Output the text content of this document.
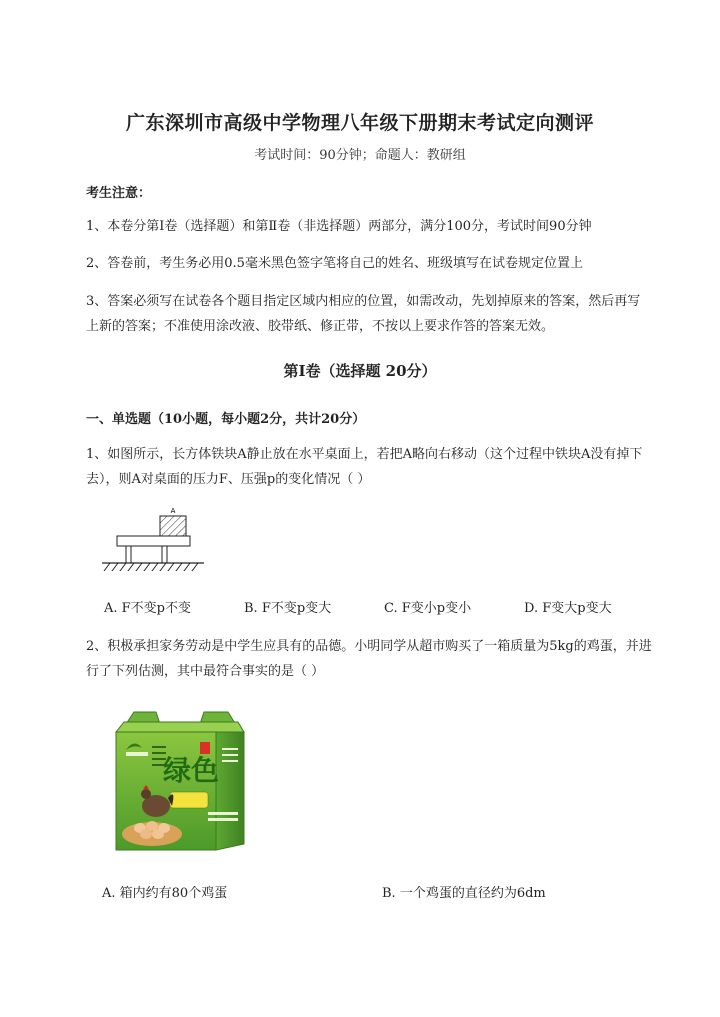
广东深圳市高级中学物理八年级下册期末考试定向测评
考试时间：90分钟；命题人：教研组
考生注意：
1、本卷分第I卷（选择题）和第Ⅱ卷（非选择题）两部分，满分100分，考试时间90分钟
2、答卷前，考生务必用0.5毫米黑色签字笔将自己的姓名、班级填写在试卷规定位置上
3、答案必须写在试卷各个题目指定区域内相应的位置，如需改动，先划掉原来的答案，然后再写上新的答案；不准使用涂改液、胶带纸、修正带，不按以上要求作答的答案无效。
第I卷（选择题 20分）
一、单选题（10小题，每小题2分，共计20分）
1、如图所示，长方体铁块A静止放在水平桌面上，若把A略向右移动（这个过程中铁块A没有掉下去），则A对桌面的压力F、压强p的变化情况（ ）
A
A. F不变p不变	B. F不变p变大	C. F变小p变小	D. F变大p变大
2、积极承担家务劳动是中学生应具有的品德。小明同学从超市购买了一箱质量为5kg的鸡蛋，并进行了下列估测，其中最符合事实的是（ ）
绿色
A. 箱内约有80个鸡蛋	B. 一个鸡蛋的直径约为6dm
